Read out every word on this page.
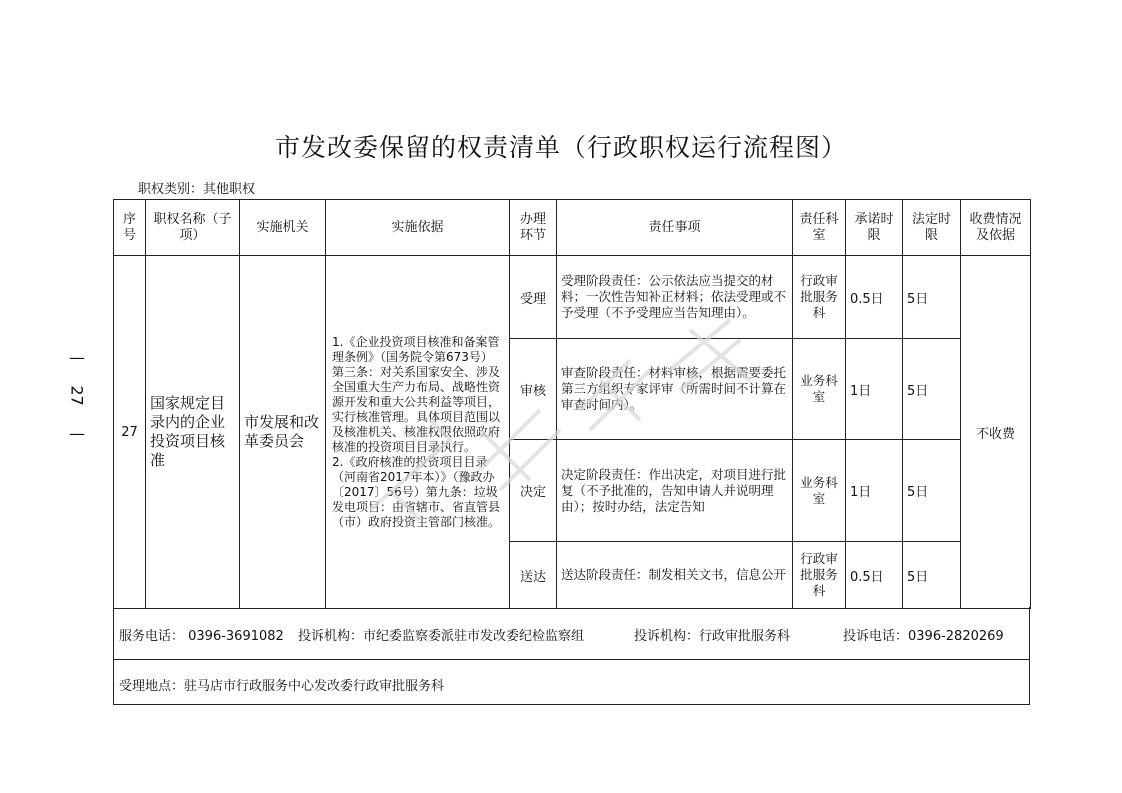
市发改委保留的权责清单（行政职权运行流程图）
职权类别：其他职权
—
27
—
序号	职权名称（子项）	实施机关	实施依据	办理环节	责任事项	责任科室	承诺时限	法定时限	收费情况及依据
27	国家规定目录内的企业投资项目核准	市发展和改革委员会	1.《企业投资项目核准和备案管理条例》（国务院令第673号）第三条：对关系国家安全、涉及全国重大生产力布局、战略性资源开发和重大公共利益等项目，实行核准管理。具体项目范围以及核准机关、核准权限依照政府核准的投资项目目录执行。
2.《政府核准的投资项目目录（河南省2017年本）》（豫政办〔2017〕56号）第九条：垃圾发电项目：由省辖市、省直管县（市）政府投资主管部门核准。	受理	受理阶段责任：公示依法应当提交的材料；一次性告知补正材料；依法受理或不予受理（不予受理应当告知理由）。	行政审批服务科	0.5日	5日	不收费
				审核	审查阶段责任：材料审核，根据需要委托第三方组织专家评审（所需时间不计算在审查时间内）。	业务科室	1日	5日	
				决定	决定阶段责任：作出决定，对项目进行批复（不予批准的，告知申请人并说明理由）；按时办结，法定告知	业务科室	1日	5日	
				送达	送达阶段责任：制发相关文书，信息公开	行政审批服务科	0.5日	5日	
服务电话： 0396-3691082 投诉机构：市纪委监察委派驻市发改委纪检监察组	投诉机构：行政审批服务科	投诉电话：0396-2820269
受理地点：驻马店市行政服务中心发改委行政审批服务科
